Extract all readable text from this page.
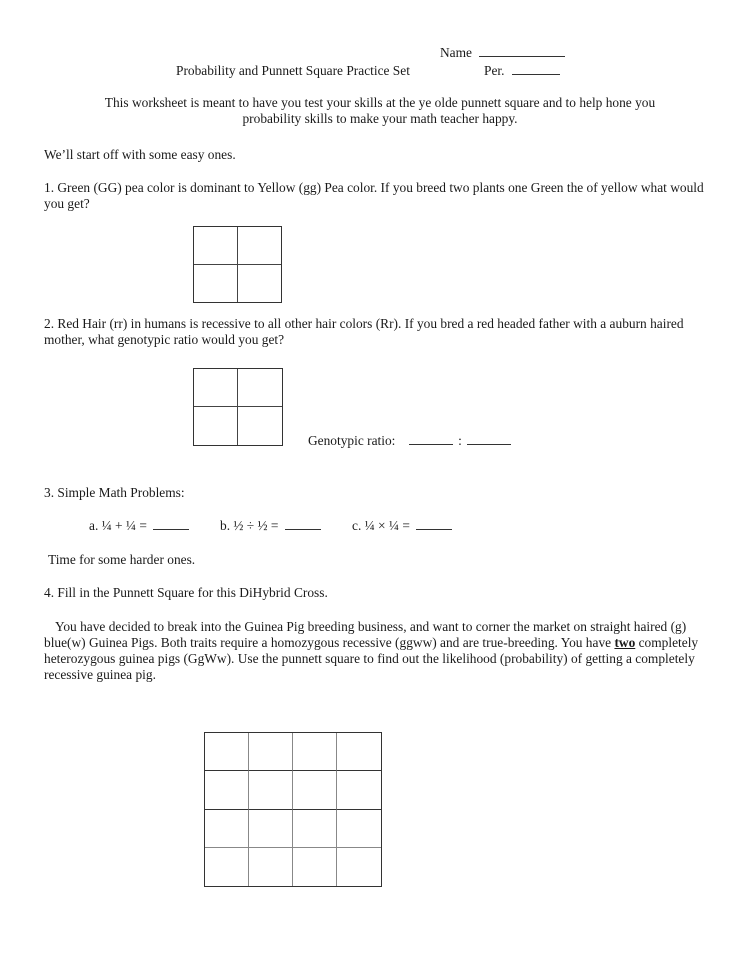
Name
Probability and Punnett Square Practice Set	Per.
This worksheet is meant to have you test your skills at the ye olde punnett square and to help hone you
probability skills to make your math teacher happy.
We’ll start off with some easy ones.
1. Green (GG) pea color is dominant to Yellow (gg) Pea color. If you breed two plants one Green the of yellow what would you get?
2. Red Hair (rr) in humans is recessive to all other hair colors (Rr). If you bred a red headed father with a auburn haired mother, what genotypic ratio would you get?
Genotypic ratio:	:
3. Simple Math Problems:
a. ¼ + ¼ =	b. ½ ÷ ½ =	c. ¼ × ¼ =
Time for some harder ones.
4. Fill in the Punnett Square for this DiHybrid Cross.
You have decided to break into the Guinea Pig breeding business, and want to corner the market on straight haired (g) blue(w) Guinea Pigs. Both traits require a homozygous recessive (ggww) and are true-breeding. You have two completely heterozygous guinea pigs (GgWw). Use the punnett square to find out the likelihood (probability) of getting a completely recessive guinea pig.
